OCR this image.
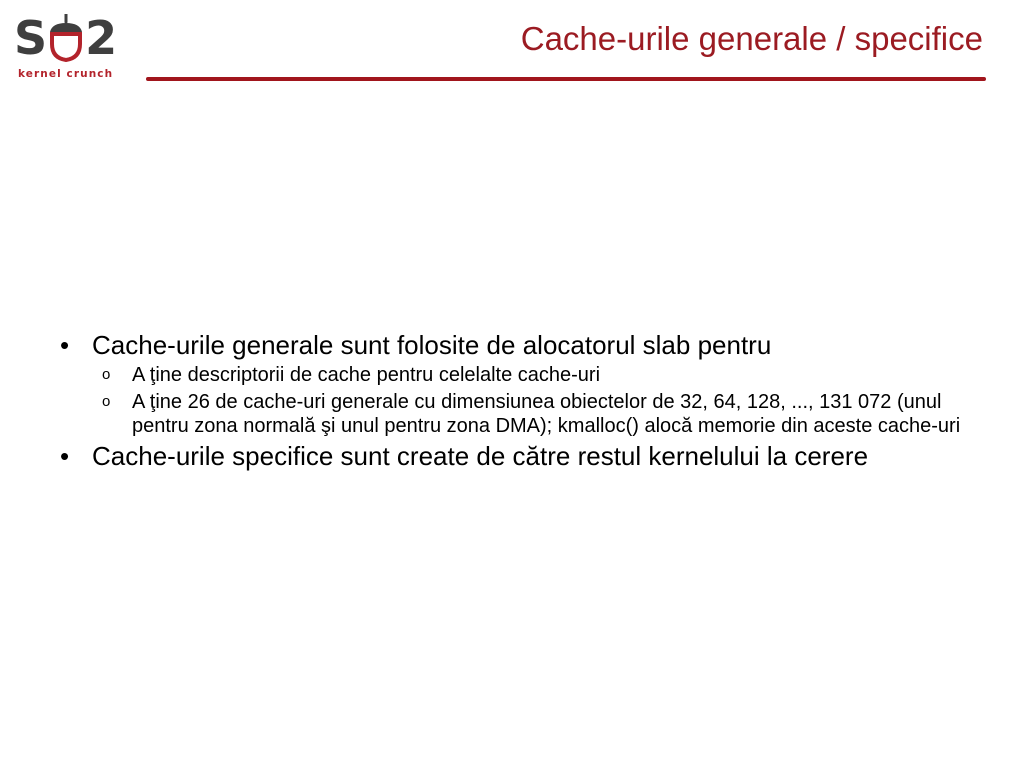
S 2
kernel crunch
Cache-urile generale / specifice
• Cache-urile generale sunt folosite de alocatorul slab pentru
o A ţine descriptorii de cache pentru celelalte cache-uri
o A ţine 26 de cache-uri generale cu dimensiunea obiectelor de 32, 64, 128, ..., 131 072 (unul pentru zona normală şi unul pentru zona DMA); kmalloc() alocă memorie din aceste cache-uri
• Cache-urile specifice sunt create de către restul kernelului la cerere
